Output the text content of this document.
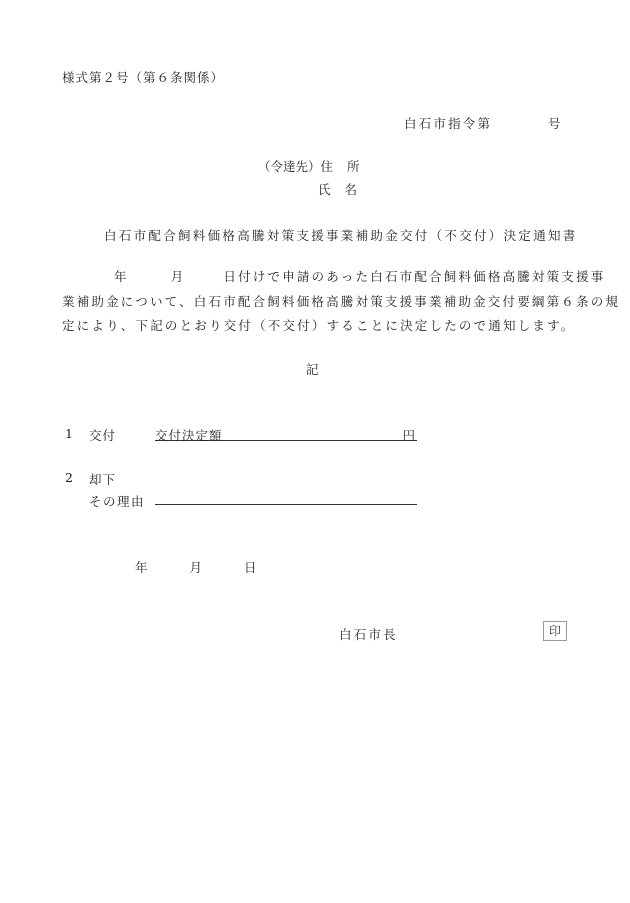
様式第２号（第６条関係）
白石市指令第	号
（令達先）住 所
氏 名
白石市配合飼料価格高騰対策支援事業補助金交付（不交付）決定通知書
年	月	日付けで申請のあった白石市配合飼料価格高騰対策支援事
業補助金について、白石市配合飼料価格高騰対策支援事業補助金交付要綱第６条の規
定により、下記のとおり交付（不交付）することに決定したので通知します。
記
1 交付	交付決定額	円
2 却下
その理由
年	月	日
白石市長	印
